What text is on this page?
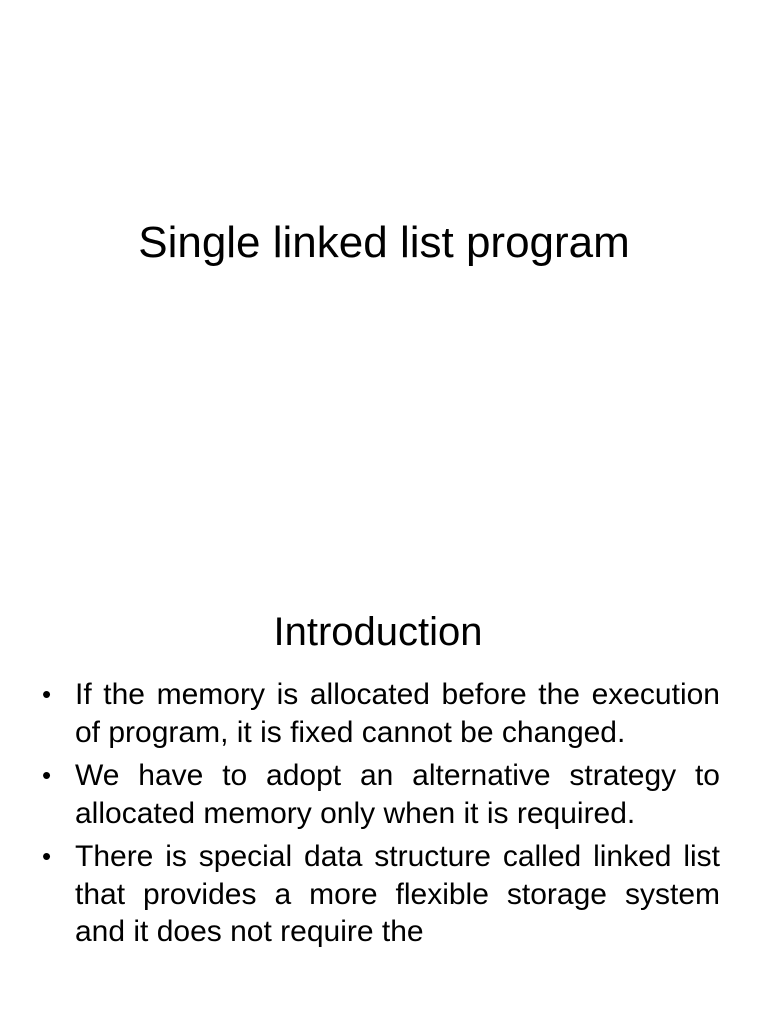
Single linked list program
Introduction
• If the memory is allocated before the execution of program, it is fixed cannot be changed.
• We have to adopt an alternative strategy to allocated memory only when it is required.
• There is special data structure called linked list that provides a more flexible storage system and it does not require the
